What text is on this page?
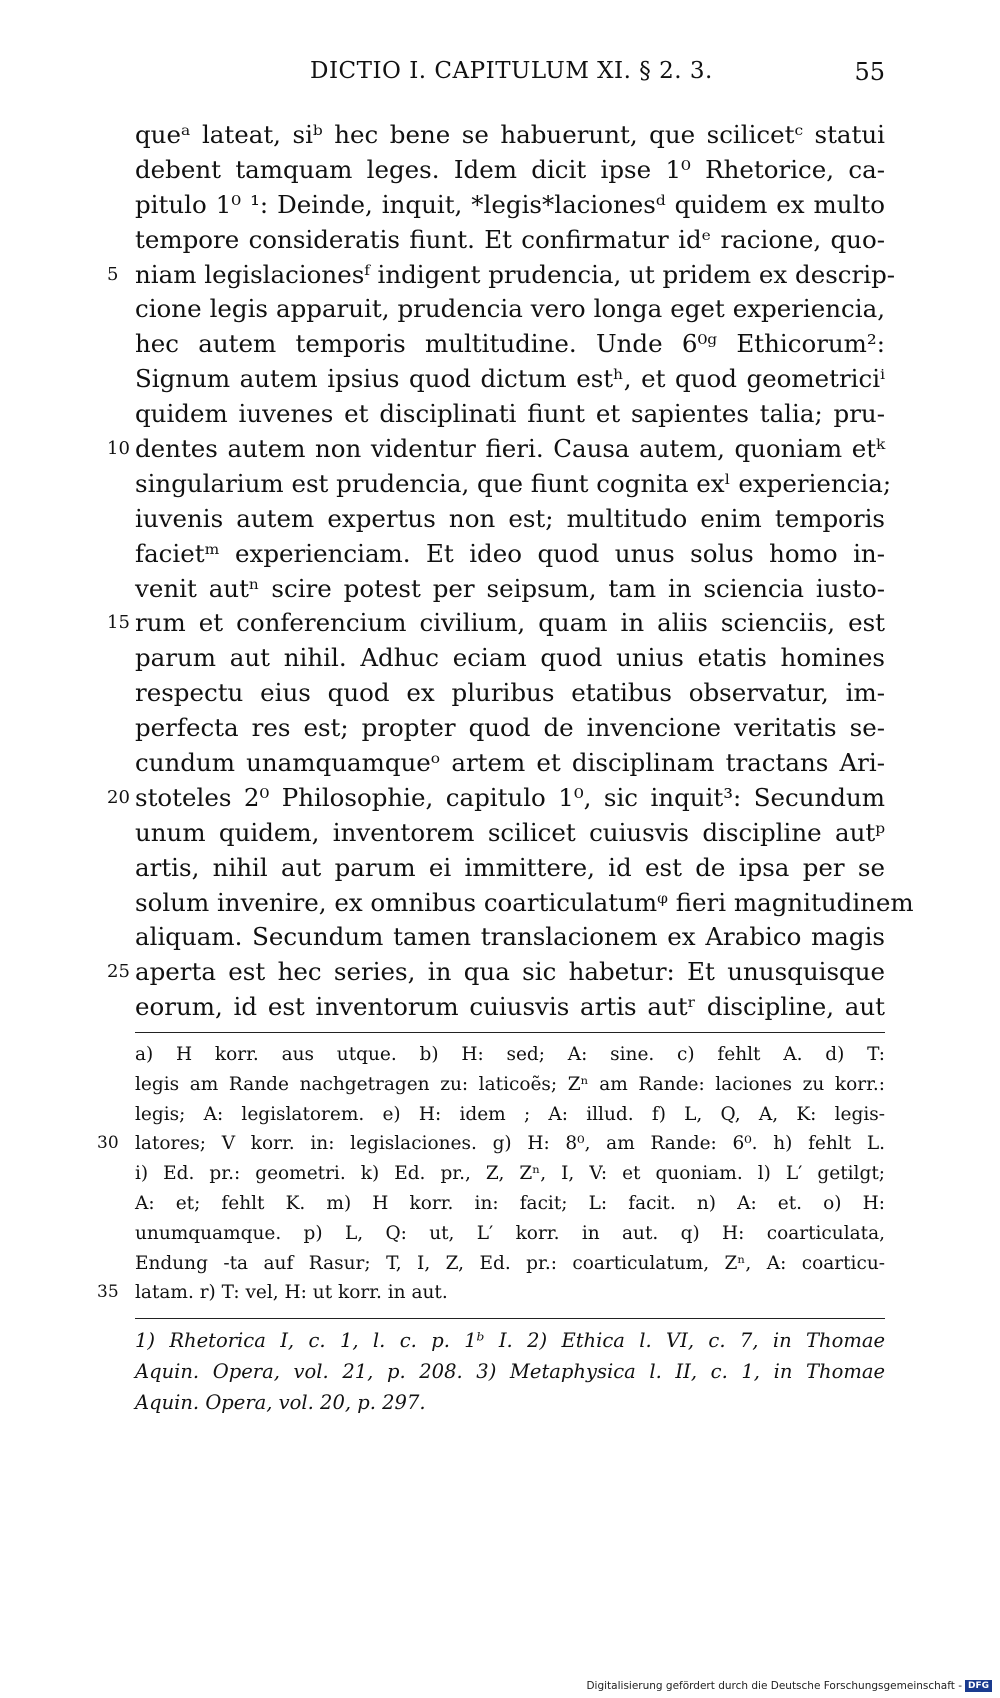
DICTIO I. CAPITULUM XI. § 2. 3.	55
queᵃ lateat, siᵇ hec bene se habuerunt, que scilicetᶜ statui
debent tamquam leges. Idem dicit ipse 1⁰ Rhetorice, ca-
pitulo 1⁰ ¹: Deinde, inquit, *legis*lacionesᵈ quidem ex multo
tempore consideratis fiunt. Et confirmatur idᵉ racione, quo-
5 niam legislacionesᶠ indigent prudencia, ut pridem ex descrip-
cione legis apparuit, prudencia vero longa eget experiencia,
hec autem temporis multitudine. Unde 6⁰ᵍ Ethicorum²:
Signum autem ipsius quod dictum estʰ, et quod geometriciⁱ
quidem iuvenes et disciplinati fiunt et sapientes talia; pru-
10 dentes autem non videntur fieri. Causa autem, quoniam etᵏ
singularium est prudencia, que fiunt cognita exˡ experiencia;
iuvenis autem expertus non est; multitudo enim temporis
facietᵐ experienciam. Et ideo quod unus solus homo in-
venit autⁿ scire potest per seipsum, tam in sciencia iusto-
15 rum et conferencium civilium, quam in aliis scienciis, est
parum aut nihil. Adhuc eciam quod unius etatis homines
respectu eius quod ex pluribus etatibus observatur, im-
perfecta res est; propter quod de invencione veritatis se-
cundum unamquamqueᵒ artem et disciplinam tractans Ari-
20 stoteles 2⁰ Philosophie, capitulo 1⁰, sic inquit³: Secundum
unum quidem, inventorem scilicet cuiusvis discipline autᵖ
artis, nihil aut parum ei immittere, id est de ipsa per se
solum invenire, ex omnibus coarticulatumᵠ fieri magnitudinem
aliquam. Secundum tamen translacionem ex Arabico magis
25 aperta est hec series, in qua sic habetur: Et unusquisque
eorum, id est inventorum cuiusvis artis autʳ discipline, aut
a) H korr. aus utque. b) H: sed; A: sine. c) fehlt A. d) T:
legis am Rande nachgetragen zu: laticoẽs; Zⁿ am Rande: laciones zu korr.:
legis; A: legislatorem. e) H: idem ; A: illud. f) L, Q, A, K: legis-
30 latores; V korr. in: legislaciones. g) H: 8⁰, am Rande: 6⁰. h) fehlt L.
i) Ed. pr.: geometri. k) Ed. pr., Z, Zⁿ, I, V: et quoniam. l) L′ getilgt;
A: et; fehlt K. m) H korr. in: facit; L: facit. n) A: et. o) H:
unumquamque. p) L, Q: ut, L′ korr. in aut. q) H: coarticulata,
Endung -ta auf Rasur; T, I, Z, Ed. pr.: coarticulatum, Zⁿ, A: coarticu-
35 latam. r) T: vel, H: ut korr. in aut.
1) Rhetorica I, c. 1, l. c. p. 1ᵇ I. 2) Ethica l. VI, c. 7, in Thomae
Aquin. Opera, vol. 21, p. 208. 3) Metaphysica l. II, c. 1, in Thomae
Aquin. Opera, vol. 20, p. 297.
Digitalisierung gefördert durch die Deutsche Forschungsgemeinschaft - DFG
